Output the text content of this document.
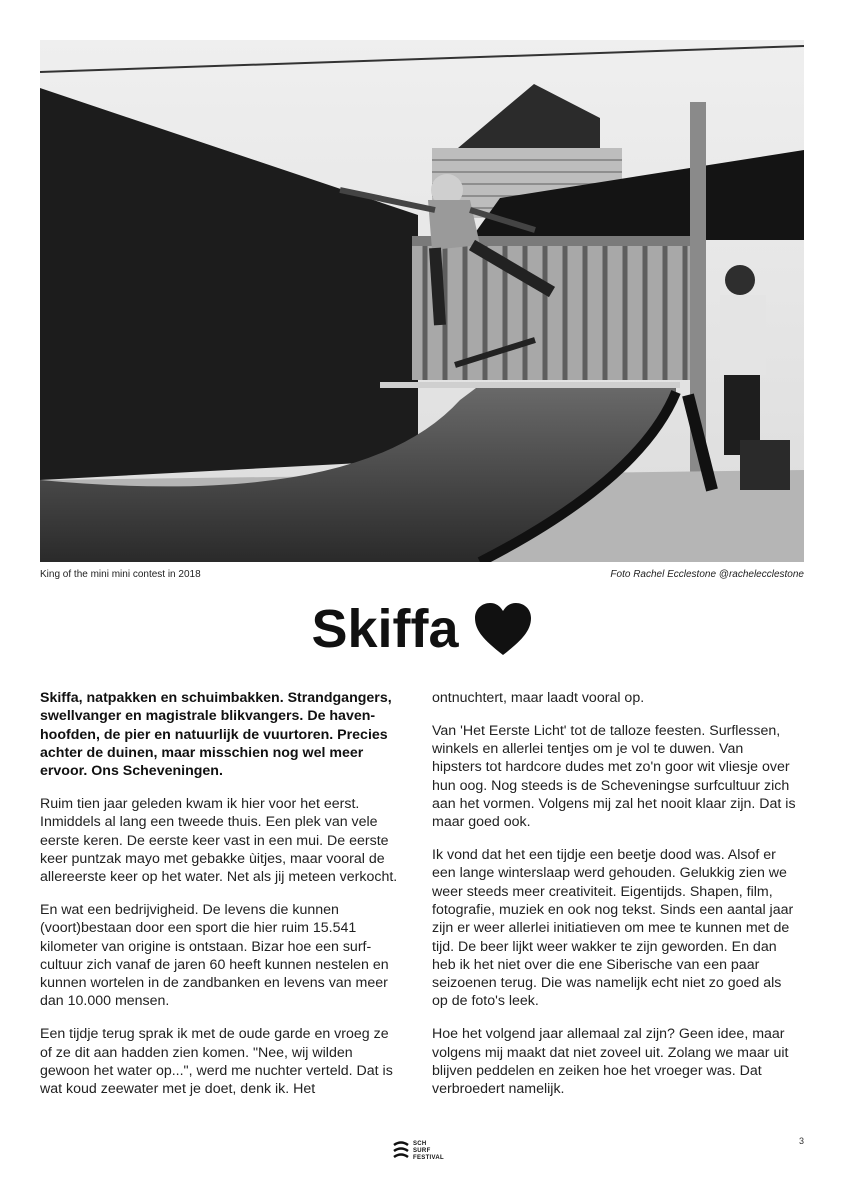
King of the mini mini contest in 2018	Foto Rachel Ecclestone @rachelecclestone
Skiffa

Skiffa, natpakken en schuimbakken. Strandgangers, swellvanger en magistrale blikvangers. De havenhoofden, de pier en natuurlijk de vuurtoren. Precies achter de duinen, maar misschien nog wel meer ervoor. Ons Scheveningen.

Ruim tien jaar geleden kwam ik hier voor het eerst. Inmiddels al lang een tweede thuis. Een plek van vele eerste keren. De eerste keer vast in een mui. De eerste keer puntzak mayo met gebakke ùitjes, maar vooral de allereerste keer op het water. Net als jij meteen verkocht.

En wat een bedrijvigheid. De levens die kunnen (voort)bestaan door een sport die hier ruim 15.541 kilometer van origine is ontstaan. Bizar hoe een surfcultuur zich vanaf de jaren 60 heeft kunnen nestelen en kunnen wortelen in de zandbanken en levens van meer dan 10.000 mensen.

Een tijdje terug sprak ik met de oude garde en vroeg ze of ze dit aan hadden zien komen. "Nee, wij wilden gewoon het water op...", werd me nuchter verteld. Dat is wat koud zeewater met je doet, denk ik. Het

ontnuchtert, maar laadt vooral op.

Van 'Het Eerste Licht' tot de talloze feesten. Surflessen, winkels en allerlei tentjes om je vol te duwen. Van hipsters tot hardcore dudes met zo'n goor wit vliesje over hun oog. Nog steeds is de Scheveningse surfcultuur zich aan het vormen. Volgens mij zal het nooit klaar zijn. Dat is maar goed ook.

Ik vond dat het een tijdje een beetje dood was. Alsof er een lange winterslaap werd gehouden. Gelukkig zien we weer steeds meer creativiteit. Eigentijds. Shapen, film, fotografie, muziek en ook nog tekst. Sinds een aantal jaar zijn er weer allerlei initiatieven om mee te kunnen met de tijd. De beer lijkt weer wakker te zijn geworden. En dan heb ik het niet over die ene Siberische van een paar seizoenen terug. Die was namelijk echt niet zo goed als op de foto's leek.

Hoe het volgend jaar allemaal zal zijn? Geen idee, maar volgens mij maakt dat niet zoveel uit. Zolang we maar uit blijven peddelen en zeiken hoe het vroeger was. Dat verbroedert namelijk.

SCH
SURF
FESTIVAL
3
